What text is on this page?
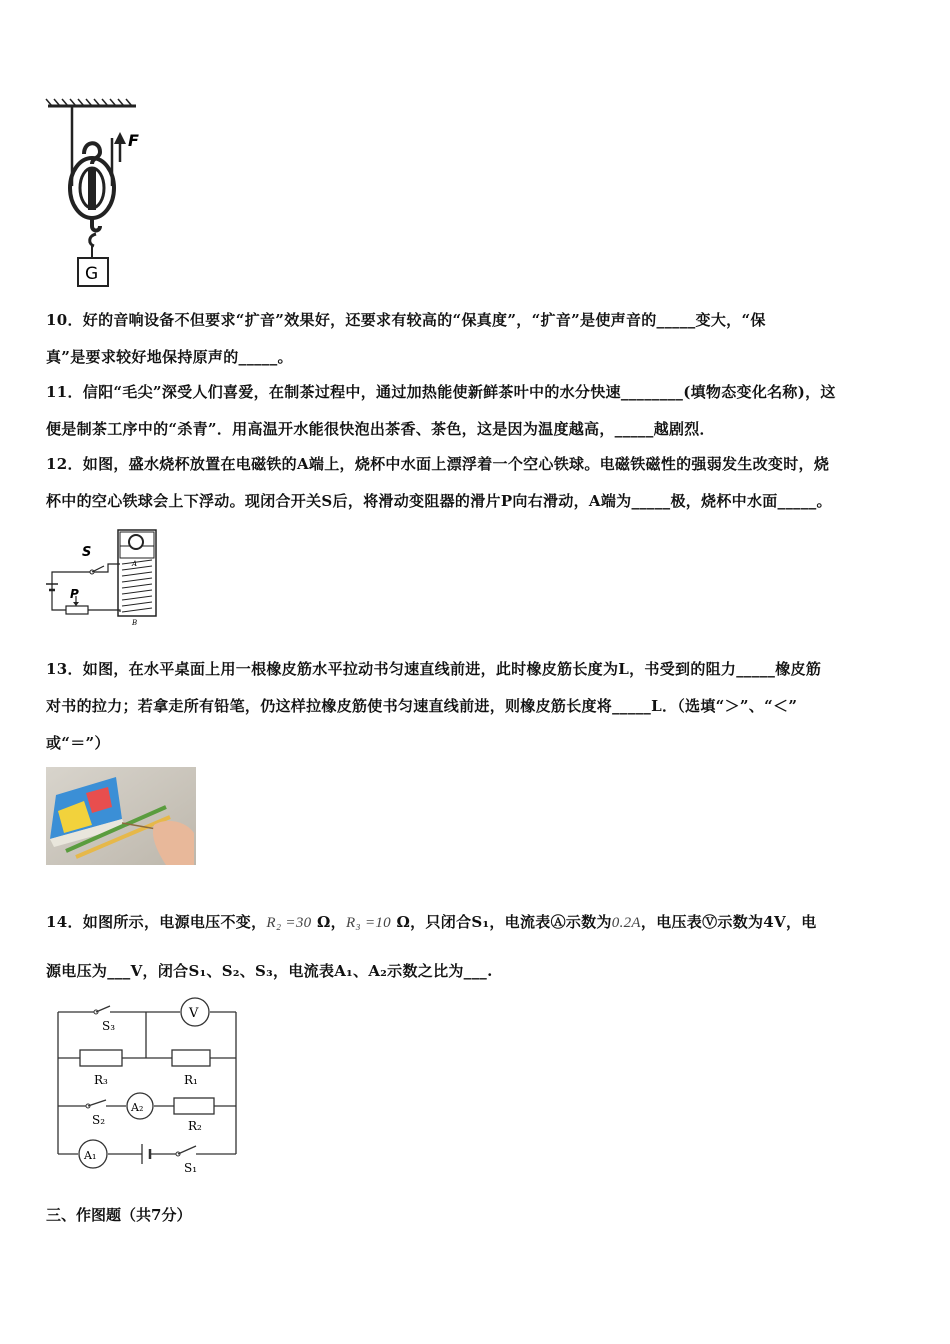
F
G
10．好的音响设备不但要求“扩音”效果好，还要求有较高的“保真度”，“扩音”是使声音的_____变大，“保
真”是要求较好地保持原声的_____。
11．信阳“毛尖”深受人们喜爱，在制茶过程中，通过加热能使新鲜茶叶中的水分快速________(填物态变化名称)，这
便是制茶工序中的“杀青”．用高温开水能很快泡出茶香、茶色，这是因为温度越高，_____越剧烈．
12．如图，盛水烧杯放置在电磁铁的A端上，烧杯中水面上漂浮着一个空心铁球。电磁铁磁性的强弱发生改变时，烧
杯中的空心铁球会上下浮动。现闭合开关S后，将滑动变阻器的滑片P向右滑动，A端为_____极，烧杯中水面_____。
A
B
S
P
13．如图，在水平桌面上用一根橡皮筋水平拉动书匀速直线前进，此时橡皮筋长度为L，书受到的阻力_____橡皮筋
对书的拉力；若拿走所有铅笔，仍这样拉橡皮筋使书匀速直线前进，则橡皮筋长度将_____L．（选填“＞”、“＜”
或“＝”）
14．如图所示，电源电压不变，R₂ =30 Ω，R₃ =10 Ω，只闭合S₁，电流表Ⓐ示数为0.2A，电压表Ⓥ示数为4V，电
源电压为___V，闭合S₁、S₂、S₃，电流表A₁、A₂示数之比为___.
S₃
V
R₃	R₁
S₂
A₂
R₂
A₁
S₁
三、作图题（共7分）
